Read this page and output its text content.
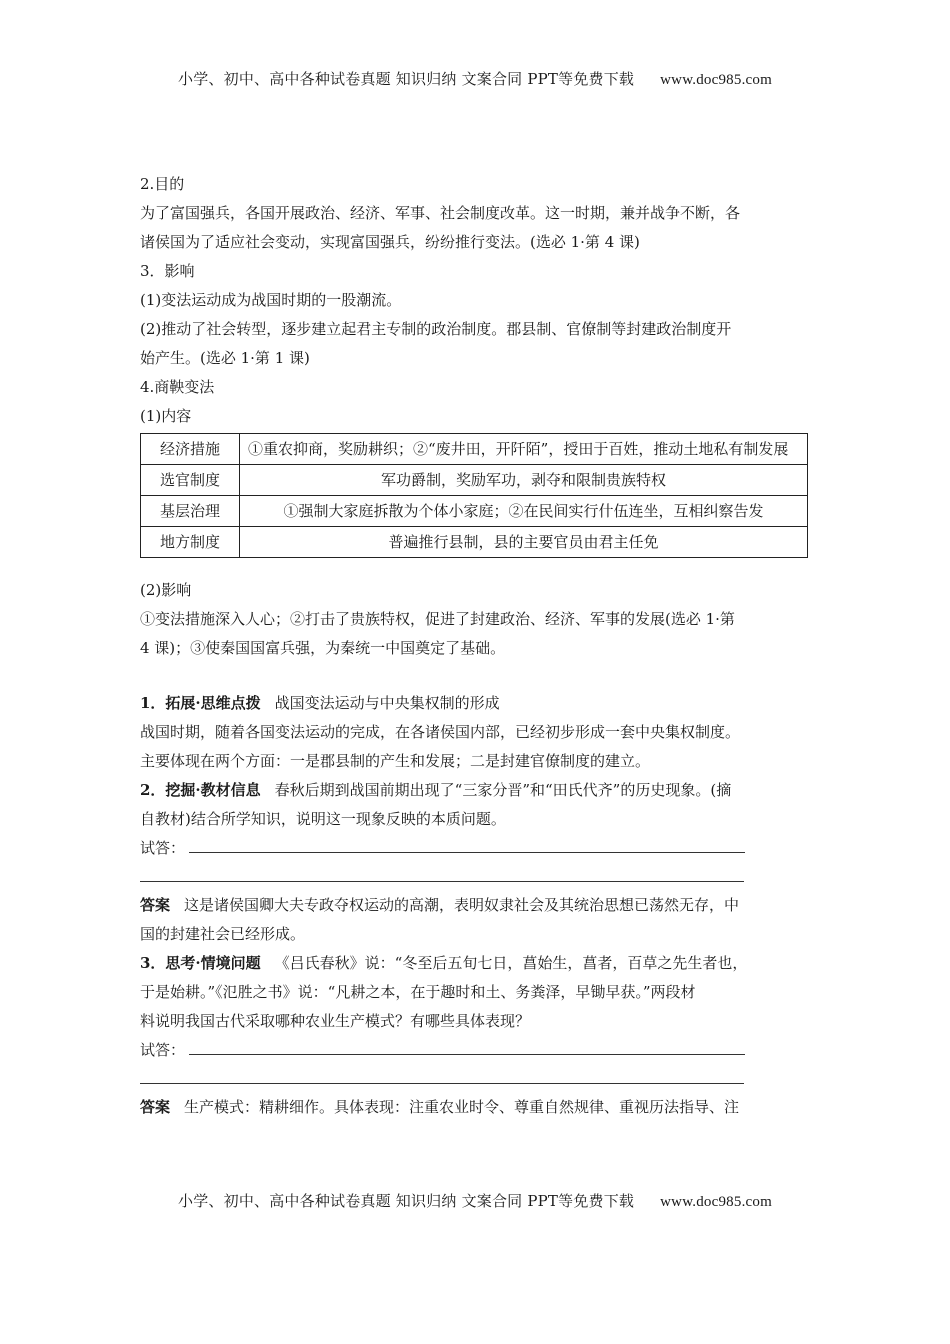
小学、初中、高中各种试卷真题 知识归纳 文案合同 PPT等免费下载 www.doc985.com

2.目的

为了富国强兵，各国开展政治、经济、军事、社会制度改革。这一时期，兼并战争不断，各

诸侯国为了适应社会变动，实现富国强兵，纷纷推行变法。(选必 1·第 4 课)

3．影响

(1)变法运动成为战国时期的一股潮流。

(2)推动了社会转型，逐步建立起君主专制的政治制度。郡县制、官僚制等封建政治制度开

始产生。(选必 1·第 1 课)

4.商鞅变法

(1)内容

经济措施	①重农抑商，奖励耕织；②“废井田，开阡陌”，授田于百姓，推动土地私有制发展
选官制度	军功爵制，奖励军功，剥夺和限制贵族特权
基层治理	①强制大家庭拆散为个体小家庭；②在民间实行什伍连坐，互相纠察告发
地方制度	普遍推行县制，县的主要官员由君主任免

(2)影响

①变法措施深入人心；②打击了贵族特权，促进了封建政治、经济、军事的发展(选必 1·第

4 课)；③使秦国国富兵强，为秦统一中国奠定了基础。

1．拓展·思维点拨 战国变法运动与中央集权制的形成

战国时期，随着各国变法运动的完成，在各诸侯国内部，已经初步形成一套中央集权制度。

主要体现在两个方面：一是郡县制的产生和发展；二是封建官僚制度的建立。

2．挖掘·教材信息 春秋后期到战国前期出现了“三家分晋”和“田氏代齐”的历史现象。(摘

自教材)结合所学知识，说明这一现象反映的本质问题。

试答：

答案 这是诸侯国卿大夫专政夺权运动的高潮，表明奴隶社会及其统治思想已荡然无存，中

国的封建社会已经形成。

3．思考·情境问题 《吕氏春秋》说：“冬至后五旬七日，菖始生，菖者，百草之先生者也，

于是始耕。”《氾胜之书》说：“凡耕之本，在于趣时和土、务粪泽，早锄早获。”两段材

料说明我国古代采取哪种农业生产模式？有哪些具体表现？

试答：

答案 生产模式：精耕细作。具体表现：注重农业时令、尊重自然规律、重视历法指导、注

小学、初中、高中各种试卷真题 知识归纳 文案合同 PPT等免费下载 www.doc985.com
